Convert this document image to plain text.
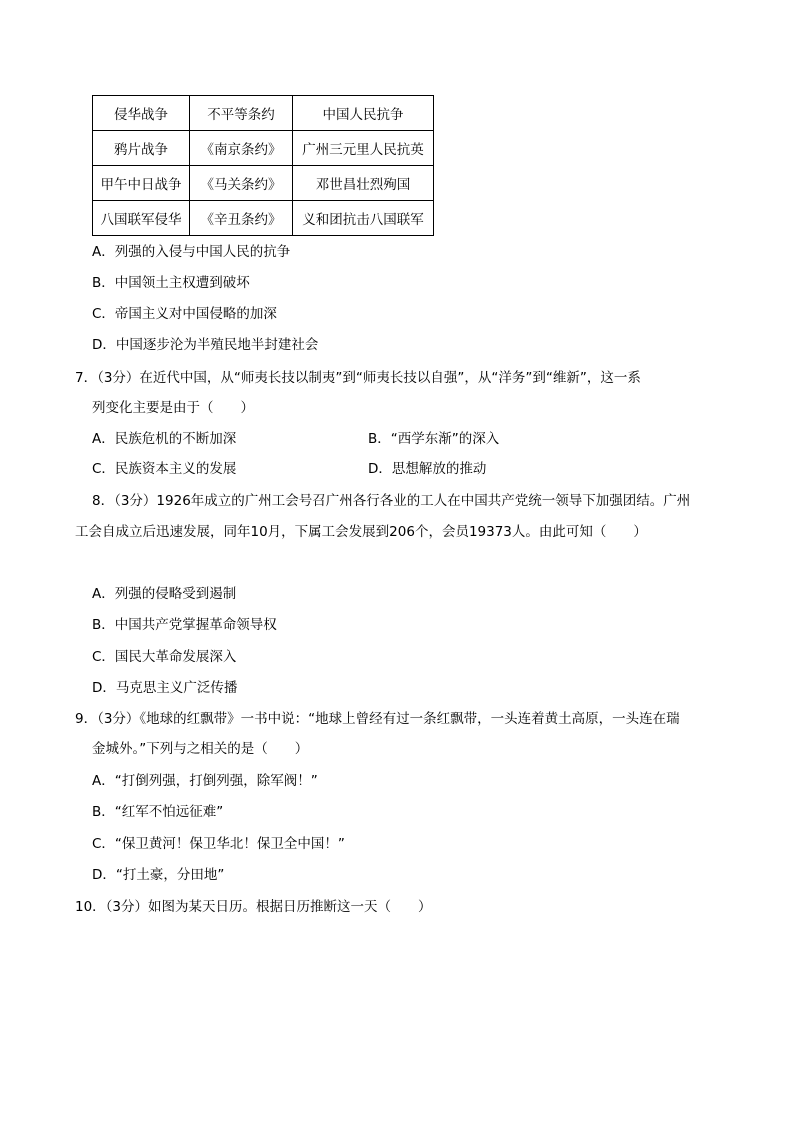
侵华战争	不平等条约	中国人民抗争
鸦片战争	《南京条约》	广州三元里人民抗英
甲午中日战争	《马关条约》	邓世昌壮烈殉国
八国联军侵华	《辛丑条约》	义和团抗击八国联军
A．列强的入侵与中国人民的抗争
B．中国领土主权遭到破坏
C．帝国主义对中国侵略的加深
D．中国逐步沦为半殖民地半封建社会
7．（3分）在近代中国，从“师夷长技以制夷”到“师夷长技以自强”，从“洋务”到“维新”，这一系
列变化主要是由于（　　）
A．民族危机的不断加深	B．“西学东渐”的深入
C．民族资本主义的发展	D．思想解放的推动
8．（3分）1926年成立的广州工会号召广州各行各业的工人在中国共产党统一领导下加强团结。广州
工会自成立后迅速发展，同年10月，下属工会发展到206个，会员19373人。由此可知（　　）
A．列强的侵略受到遏制
B．中国共产党掌握革命领导权
C．国民大革命发展深入
D．马克思主义广泛传播
9．（3分）《地球的红飘带》一书中说：“地球上曾经有过一条红飘带，一头连着黄土高原，一头连在瑞
金城外。”下列与之相关的是（　　）
A．“打倒列强，打倒列强，除军阀！”
B．“红军不怕远征难”
C．“保卫黄河！保卫华北！保卫全中国！”
D．“打土豪，分田地”
10．（3分）如图为某天日历。根据日历推断这一天（　　）
